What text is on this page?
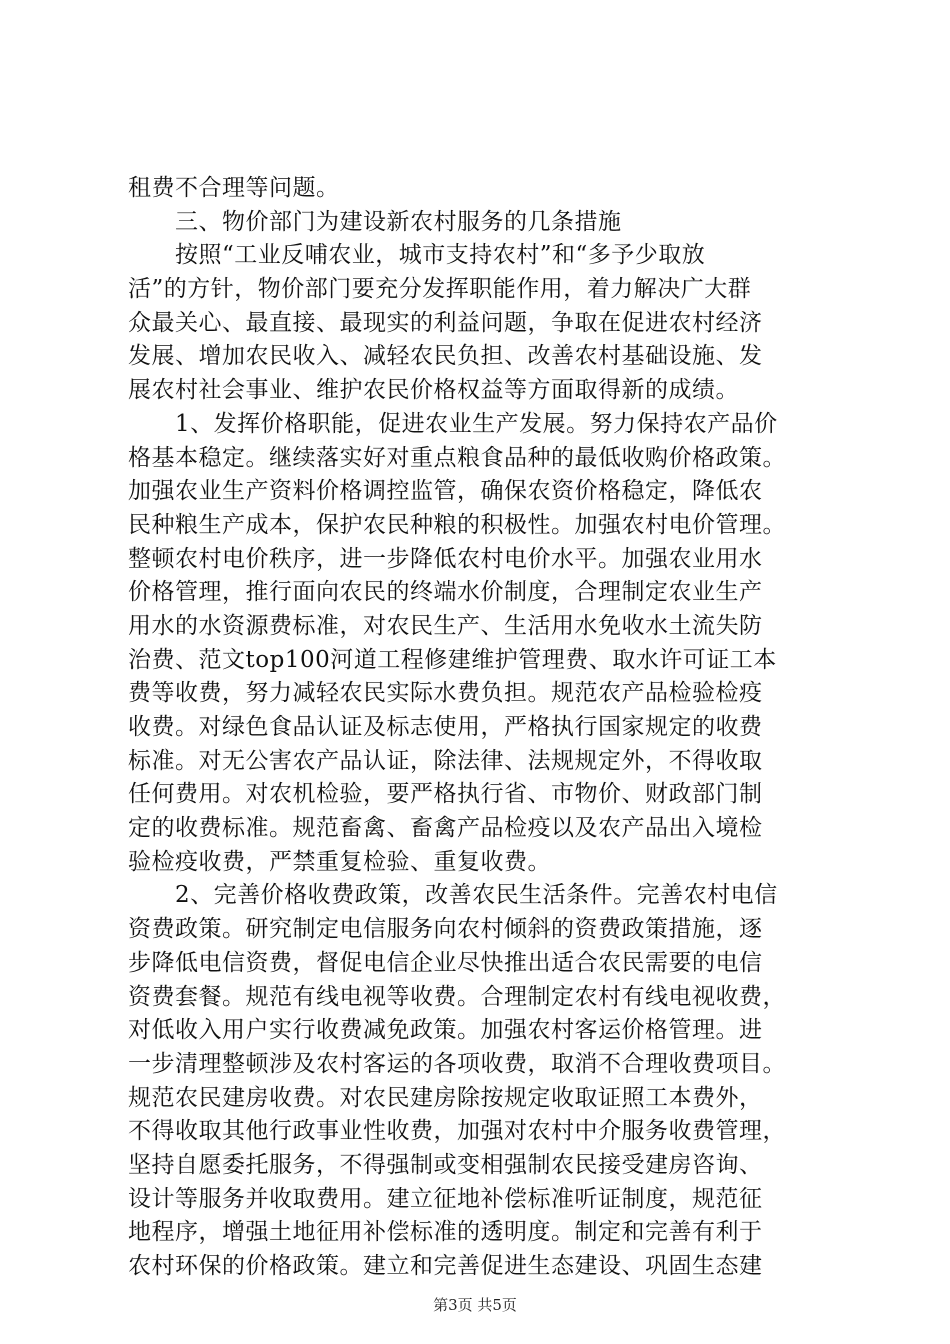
租费不合理等问题。
　　三、物价部门为建设新农村服务的几条措施
　　按照“工业反哺农业，城市支持农村”和“多予少取放
活”的方针，物价部门要充分发挥职能作用，着力解决广大群
众最关心、最直接、最现实的利益问题，争取在促进农村经济
发展、增加农民收入、减轻农民负担、改善农村基础设施、发
展农村社会事业、维护农民价格权益等方面取得新的成绩。
　　1、发挥价格职能，促进农业生产发展。努力保持农产品价
格基本稳定。继续落实好对重点粮食品种的最低收购价格政策。
加强农业生产资料价格调控监管，确保农资价格稳定，降低农
民种粮生产成本，保护农民种粮的积极性。加强农村电价管理。
整顿农村电价秩序，进一步降低农村电价水平。加强农业用水
价格管理，推行面向农民的终端水价制度，合理制定农业生产
用水的水资源费标准，对农民生产、生活用水免收水土流失防
治费、范文top100河道工程修建维护管理费、取水许可证工本
费等收费，努力减轻农民实际水费负担。规范农产品检验检疫
收费。对绿色食品认证及标志使用，严格执行国家规定的收费
标准。对无公害农产品认证，除法律、法规规定外，不得收取
任何费用。对农机检验，要严格执行省、市物价、财政部门制
定的收费标准。规范畜禽、畜禽产品检疫以及农产品出入境检
验检疫收费，严禁重复检验、重复收费。
　　2、完善价格收费政策，改善农民生活条件。完善农村电信
资费政策。研究制定电信服务向农村倾斜的资费政策措施，逐
步降低电信资费，督促电信企业尽快推出适合农民需要的电信
资费套餐。规范有线电视等收费。合理制定农村有线电视收费，
对低收入用户实行收费减免政策。加强农村客运价格管理。进
一步清理整顿涉及农村客运的各项收费，取消不合理收费项目。
规范农民建房收费。对农民建房除按规定收取证照工本费外，
不得收取其他行政事业性收费，加强对农村中介服务收费管理，
坚持自愿委托服务，不得强制或变相强制农民接受建房咨询、
设计等服务并收取费用。建立征地补偿标准听证制度，规范征
地程序，增强土地征用补偿标准的透明度。制定和完善有利于
农村环保的价格政策。建立和完善促进生态建设、巩固生态建
第3页 共5页
